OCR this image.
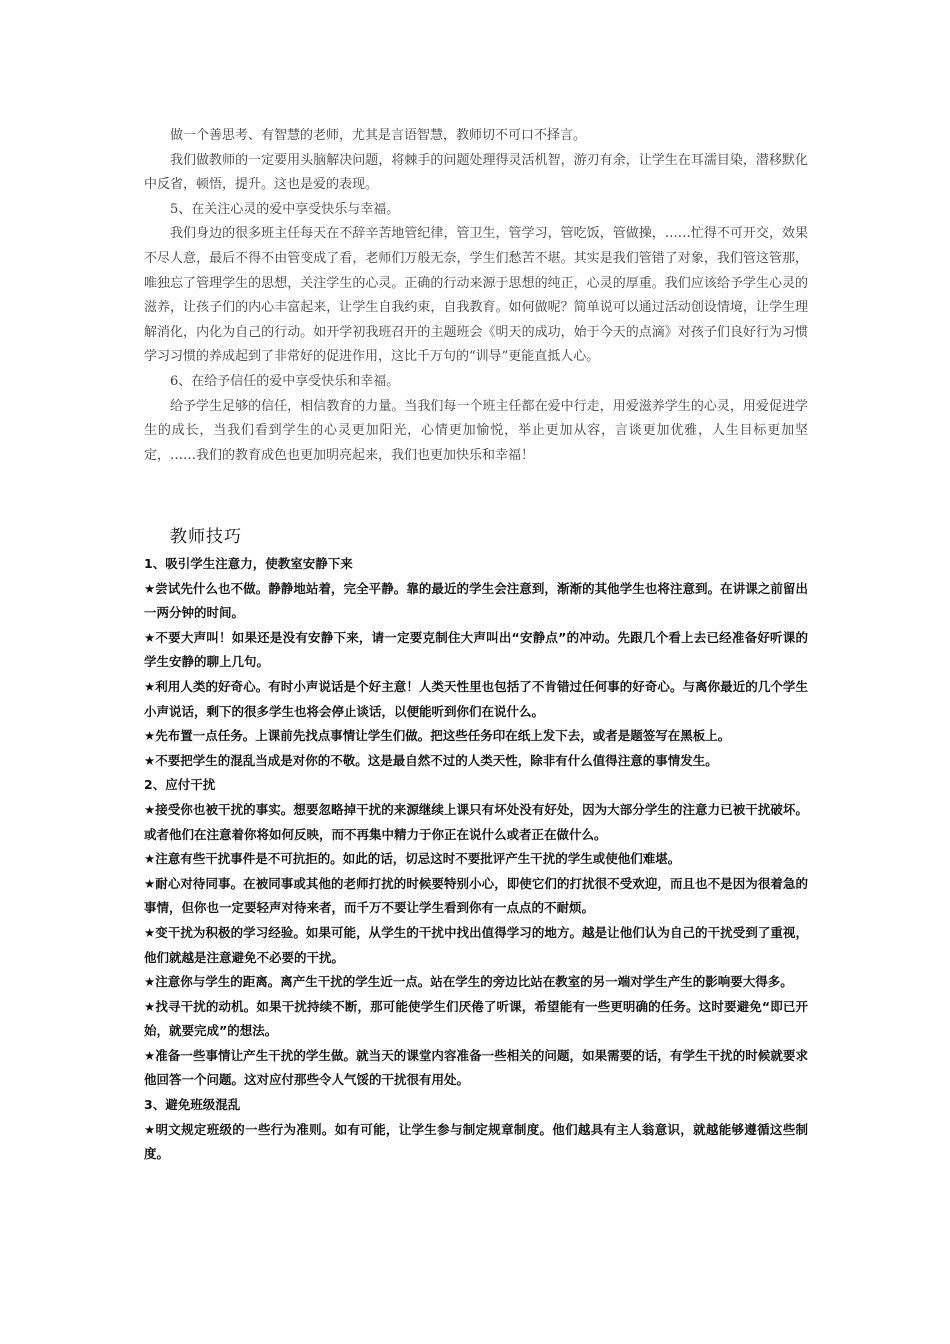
做一个善思考、有智慧的老师，尤其是言语智慧，教师切不可口不择言。

我们做教师的一定要用头脑解决问题，将棘手的问题处理得灵活机智，游刃有余，让学生在耳濡目染，潜移默化中反省，顿悟，提升。这也是爱的表现。

5、在关注心灵的爱中享受快乐与幸福。

我们身边的很多班主任每天在不辞辛苦地管纪律，管卫生，管学习，管吃饭，管做操，……忙得不可开交，效果不尽人意，最后不得不由管变成了看，老师们万般无奈，学生们愁苦不堪。其实是我们管错了对象，我们管这管那，唯独忘了管理学生的思想，关注学生的心灵。正确的行动来源于思想的纯正，心灵的厚重。我们应该给予学生心灵的滋养，让孩子们的内心丰富起来，让学生自我约束，自我教育。如何做呢？简单说可以通过活动创设情境，让学生理解消化，内化为自己的行动。如开学初我班召开的主题班会《明天的成功，始于今天的点滴》对孩子们良好行为习惯学习习惯的养成起到了非常好的促进作用，这比千万句的“训导”更能直抵人心。

6、在给予信任的爱中享受快乐和幸福。

给予学生足够的信任，相信教育的力量。当我们每一个班主任都在爱中行走，用爱滋养学生的心灵，用爱促进学生的成长，当我们看到学生的心灵更加阳光，心情更加愉悦，举止更加从容，言谈更加优雅，人生目标更加坚定，……我们的教育成色也更加明亮起来，我们也更加快乐和幸福！

教师技巧

1、吸引学生注意力，使教室安静下来

★尝试先什么也不做。静静地站着，完全平静。靠的最近的学生会注意到，渐渐的其他学生也将注意到。在讲课之前留出一两分钟的时间。

★不要大声叫！如果还是没有安静下来，请一定要克制住大声叫出“安静点”的冲动。先跟几个看上去已经准备好听课的学生安静的聊上几句。

★利用人类的好奇心。有时小声说话是个好主意！人类天性里也包括了不肯错过任何事的好奇心。与离你最近的几个学生小声说话，剩下的很多学生也将会停止谈话，以便能听到你们在说什么。

★先布置一点任务。上课前先找点事情让学生们做。把这些任务印在纸上发下去，或者是题签写在黑板上。

★不要把学生的混乱当成是对你的不敬。这是最自然不过的人类天性，除非有什么值得注意的事情发生。

2、应付干扰

★接受你也被干扰的事实。想要忽略掉干扰的来源继续上课只有坏处没有好处，因为大部分学生的注意力已被干扰破坏。或者他们在注意着你将如何反映，而不再集中精力于你正在说什么或者正在做什么。

★注意有些干扰事件是不可抗拒的。如此的话，切忌这时不要批评产生干扰的学生或使他们难堪。

★耐心对待同事。在被同事或其他的老师打扰的时候要特别小心，即使它们的打扰很不受欢迎，而且也不是因为很着急的事情，但你也一定要轻声对待来者，而千万不要让学生看到你有一点点的不耐烦。

★变干扰为积极的学习经验。如果可能，从学生的干扰中找出值得学习的地方。越是让他们认为自己的干扰受到了重视，他们就越是注意避免不必要的干扰。

★注意你与学生的距离。离产生干扰的学生近一点。站在学生的旁边比站在教室的另一端对学生产生的影响要大得多。

★找寻干扰的动机。如果干扰持续不断，那可能使学生们厌倦了听课，希望能有一些更明确的任务。这时要避免“即已开始，就要完成”的想法。

★准备一些事情让产生干扰的学生做。就当天的课堂内容准备一些相关的问题，如果需要的话，有学生干扰的时候就要求他回答一个问题。这对应付那些令人气馁的干扰很有用处。

3、避免班级混乱

★明文规定班级的一些行为准则。如有可能，让学生参与制定规章制度。他们越具有主人翁意识，就越能够遵循这些制度。
